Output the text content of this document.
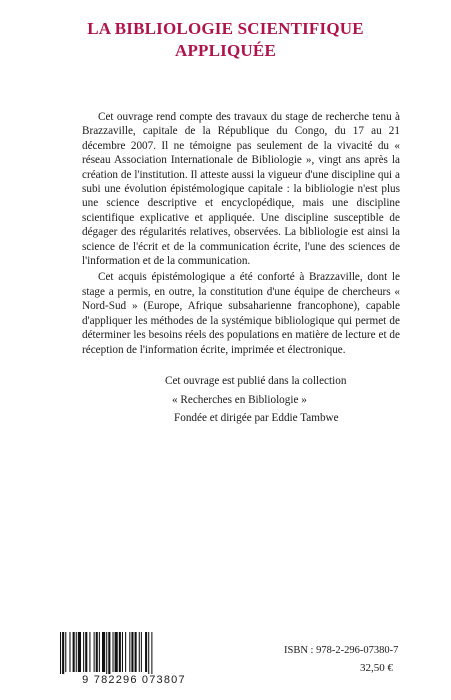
LA BIBLIOLOGIE SCIENTIFIQUE
APPLIQUÉE

Cet ouvrage rend compte des travaux du stage de recherche tenu à Brazzaville, capitale de la République du Congo, du 17 au 21 décembre 2007. Il ne témoigne pas seulement de la vivacité du « réseau Association Internationale de Bibliologie », vingt ans après la création de l'institution. Il atteste aussi la vigueur d'une discipline qui a subi une évolution épistémologique capitale : la bibliologie n'est plus une science descriptive et encyclopédique, mais une discipline scientifique explicative et appliquée. Une discipline susceptible de dégager des régularités relatives, observées. La bibliologie est ainsi la science de l'écrit et de la communication écrite, l'une des sciences de l'information et de la communication.

Cet acquis épistémologique a été conforté à Brazzaville, dont le stage a permis, en outre, la constitution d'une équipe de chercheurs « Nord-Sud » (Europe, Afrique subsaharienne francophone), capable d'appliquer les méthodes de la systémique bibliologique qui permet de déterminer les besoins réels des populations en matière de lecture et de réception de l'information écrite, imprimée et électronique.

Cet ouvrage est publié dans la collection
« Recherches en Bibliologie »
Fondée et dirigée par Eddie Tambwe
9 782296 073807
ISBN : 978-2-296-07380-7
32,50 €
